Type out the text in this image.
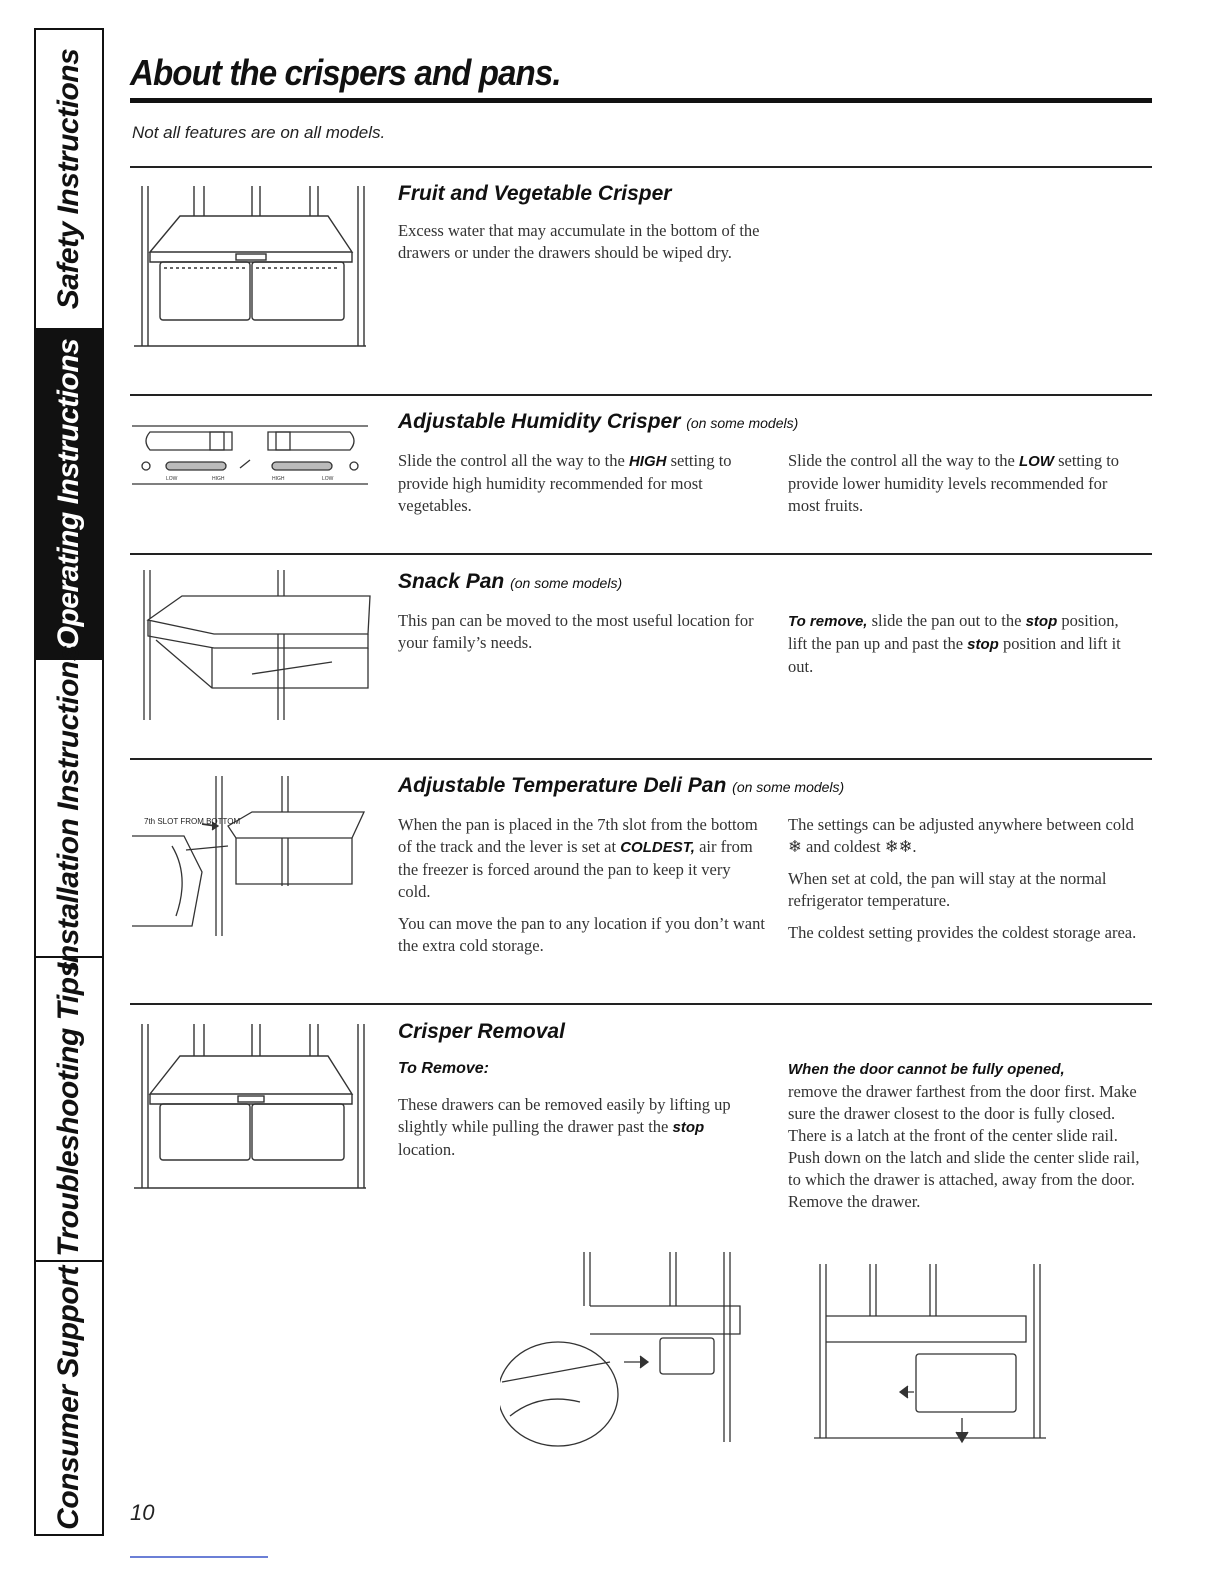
Safety Instructions
Operating Instructions
Installation Instructions
Troubleshooting Tips
Consumer Support
About the crispers and pans.
Not all features are on all models.
Fruit and Vegetable Crisper
Excess water that may accumulate in the bottom of the drawers or under the drawers should be wiped dry.
LOW	HIGH	HIGH	LOW
Adjustable Humidity Crisper (on some models)
Slide the control all the way to the HIGH setting to provide high humidity recommended for most vegetables.
Slide the control all the way to the LOW setting to provide lower humidity levels recommended for most fruits.
Snack Pan (on some models)
This pan can be moved to the most useful location for your family’s needs.
To remove, slide the pan out to the stop position, lift the pan up and past the stop position and lift it out.
7th SLOT FROM BOTTOM
Adjustable Temperature Deli Pan (on some models)

When the pan is placed in the 7th slot from the bottom of the track and the lever is set at COLDEST, air from the freezer is forced around the pan to keep it very cold.

You can move the pan to any location if you don’t want the extra cold storage.

The settings can be adjusted anywhere between cold ❄ and coldest ❄❄.

When set at cold, the pan will stay at the normal refrigerator temperature.

The coldest setting provides the coldest storage area.

Crisper Removal
To Remove:
These drawers can be removed easily by lifting up slightly while pulling the drawer past the stop location.
When the door cannot be fully opened,
remove the drawer farthest from the door first. Make sure the drawer closest to the door is fully closed. There is a latch at the front of the center slide rail. Push down on the latch and slide the center slide rail, to which the drawer is attached, away from the door. Remove the drawer.
10
